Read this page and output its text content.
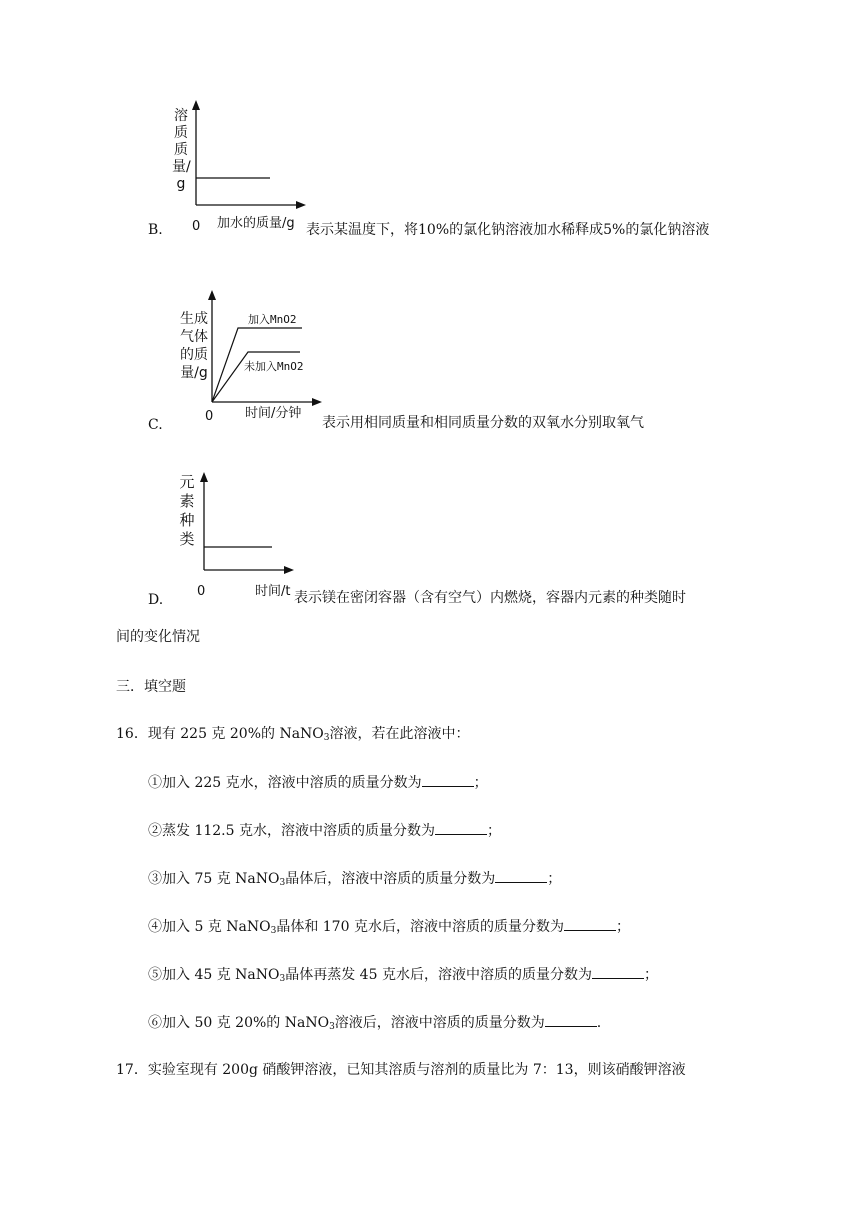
溶质质量/g
0 加水的质量/g
B.	表示某温度下，将10%的氯化钠溶液加水稀释成5%的氯化钠溶液
生成气体的质量/g
加入MnO2
未加入MnO2
0 时间/分钟
C.	表示用相同质量和相同质量分数的双氧水分别取氧气
元素种类
0	时间/t
D.	表示镁在密闭容器（含有空气）内燃烧，容器内元素的种类随时
间的变化情况
三．填空题
16．现有 225 克 20%的 NaNO$_3$溶液，若在此溶液中：
①加入 225 克水，溶液中溶质的质量分数为	；
②蒸发 112.5 克水，溶液中溶质的质量分数为	；
③加入 75 克 NaNO$_3$晶体后，溶液中溶质的质量分数为	；
④加入 5 克 NaNO$_3$晶体和 170 克水后，溶液中溶质的质量分数为	；
⑤加入 45 克 NaNO$_3$晶体再蒸发 45 克水后，溶液中溶质的质量分数为	；
⑥加入 50 克 20%的 NaNO$_3$溶液后，溶液中溶质的质量分数为	.
17．实验室现有 200g 硝酸钾溶液，已知其溶质与溶剂的质量比为 7：13，则该硝酸钾溶液
